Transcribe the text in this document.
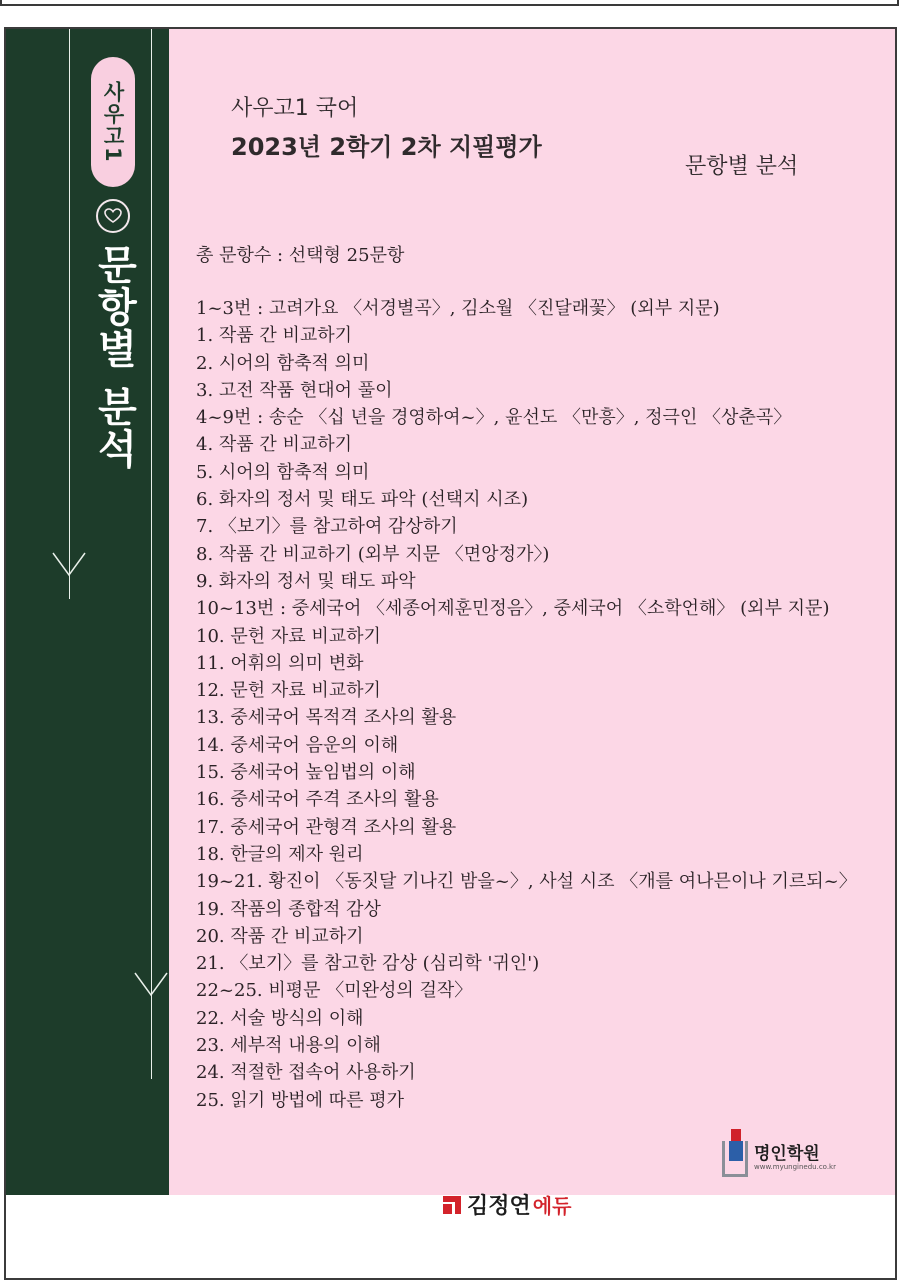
사우고1
문항별 분석
사우고1 국어
2023년 2학기 2차 지필평가
문항별 분석
총 문항수 : 선택형 25문항
1~3번 : 고려가요 〈서경별곡〉, 김소월 〈진달래꽃〉 (외부 지문)
1. 작품 간 비교하기
2. 시어의 함축적 의미
3. 고전 작품 현대어 풀이
4~9번 : 송순 〈십 년을 경영하여~〉, 윤선도 〈만흥〉, 정극인 〈상춘곡〉
4. 작품 간 비교하기
5. 시어의 함축적 의미
6. 화자의 정서 및 태도 파악 (선택지 시조)
7. 〈보기〉를 참고하여 감상하기
8. 작품 간 비교하기 (외부 지문 〈면앙정가〉)
9. 화자의 정서 및 태도 파악
10~13번 : 중세국어 〈세종어제훈민정음〉, 중세국어 〈소학언해〉 (외부 지문)
10. 문헌 자료 비교하기
11. 어휘의 의미 변화
12. 문헌 자료 비교하기
13. 중세국어 목적격 조사의 활용
14. 중세국어 음운의 이해
15. 중세국어 높임법의 이해
16. 중세국어 주격 조사의 활용
17. 중세국어 관형격 조사의 활용
18. 한글의 제자 원리
19~21. 황진이 〈동짓달 기나긴 밤을~〉, 사설 시조 〈개를 여나믄이나 기르되~〉
19. 작품의 종합적 감상
20. 작품 간 비교하기
21. 〈보기〉를 참고한 감상 (심리학 '귀인')
22~25. 비평문 〈미완성의 걸작〉
22. 서술 방식의 이해
23. 세부적 내용의 이해
24. 적절한 접속어 사용하기
25. 읽기 방법에 따른 평가
명인학원
www.myunginedu.co.kr
김정연 에듀
